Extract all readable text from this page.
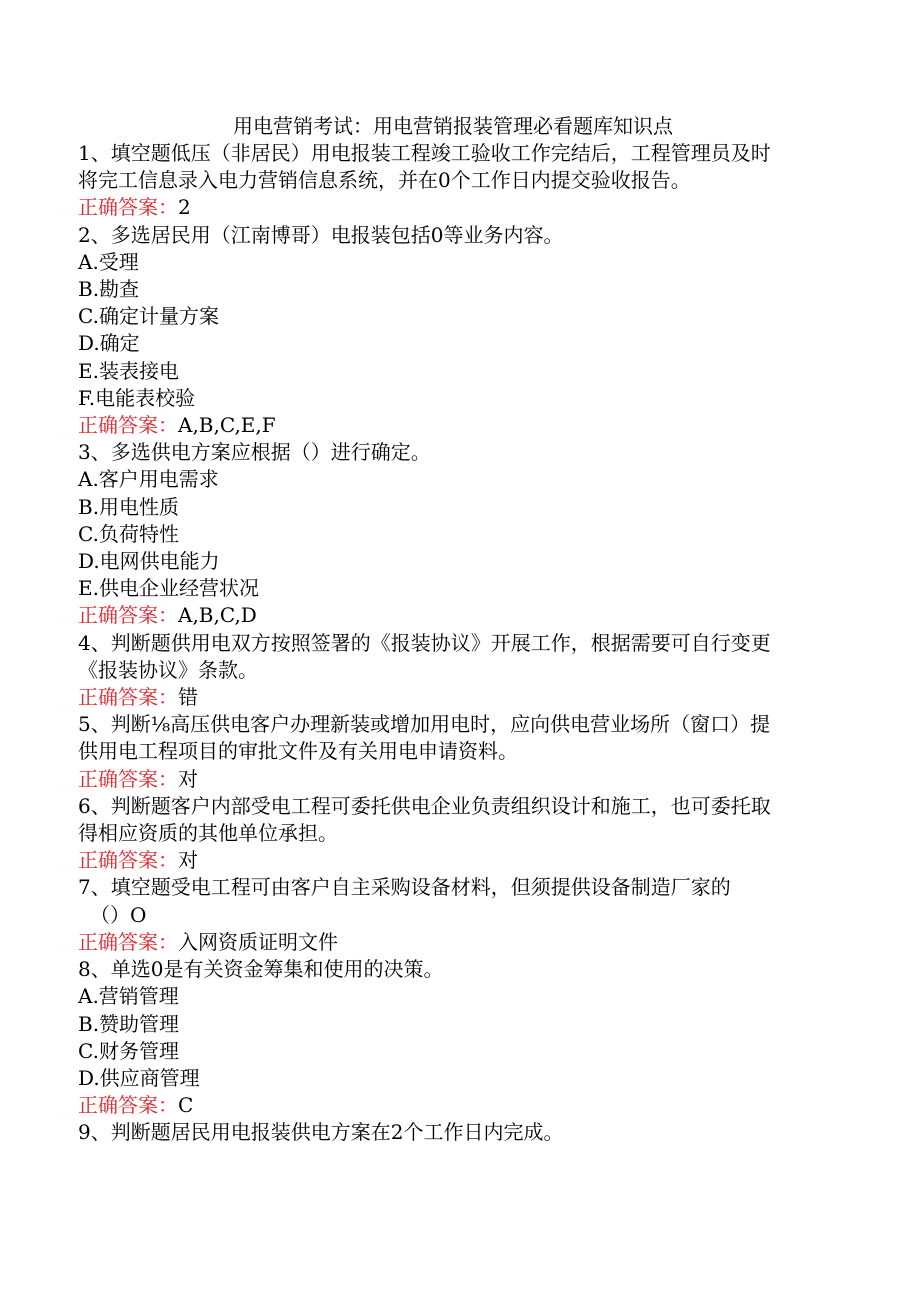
用电营销考试：用电营销报装管理必看题库知识点
1、填空题低压（非居民）用电报装工程竣工验收工作完结后，工程管理员及时
将完工信息录入电力营销信息系统，并在0个工作日内提交验收报告。
正确答案：2
2、多选居民用（江南博哥）电报装包括0等业务内容。
A.受理
B.勘查
C.确定计量方案
D.确定
E.装表接电
F.电能表校验
正确答案：A,B,C,E,F
3、多选供电方案应根据（）进行确定。
A.客户用电需求
B.用电性质
C.负荷特性
D.电网供电能力
E.供电企业经营状况
正确答案：A,B,C,D
4、判断题供用电双方按照签署的《报装协议》开展工作，根据需要可自行变更
《报装协议》条款。
正确答案：错
5、判断⅛高压供电客户办理新装或增加用电时，应向供电营业场所（窗口）提
供用电工程项目的审批文件及有关用电申请资料。
正确答案：对
6、判断题客户内部受电工程可委托供电企业负责组织设计和施工，也可委托取
得相应资质的其他单位承担。
正确答案：对
7、填空题受电工程可由客户自主采购设备材料，但须提供设备制造厂家的
（）O
正确答案：入网资质证明文件
8、单选0是有关资金筹集和使用的决策。
A.营销管理
B.赞助管理
C.财务管理
D.供应商管理
正确答案：C
9、判断题居民用电报装供电方案在2个工作日内完成。
